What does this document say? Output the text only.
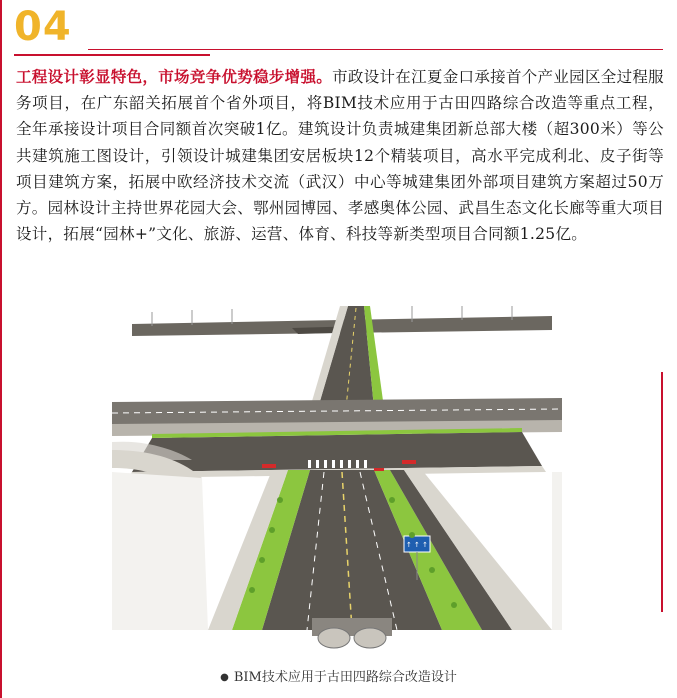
04
工程设计彰显特色，市场竞争优势稳步增强。市政设计在江夏金口承接首个产业园区全过程服务项目，在广东韶关拓展首个省外项目，将BIM技术应用于古田四路综合改造等重点工程，全年承接设计项目合同额首次突破1亿。建筑设计负责城建集团新总部大楼（超300米）等公共建筑施工图设计，引领设计城建集团安居板块12个精装项目，高水平完成利北、皮子街等项目建筑方案，拓展中欧经济技术交流（武汉）中心等城建集团外部项目建筑方案超过50万方。园林设计主持世界花园大会、鄂州园博园、孝感奥体公园、武昌生态文化长廊等重大项目设计，拓展“园林+”文化、旅游、运营、体育、科技等新类型项目合同额1.25亿。
↑ ↑ ↑
● BIM技术应用于古田四路综合改造设计
